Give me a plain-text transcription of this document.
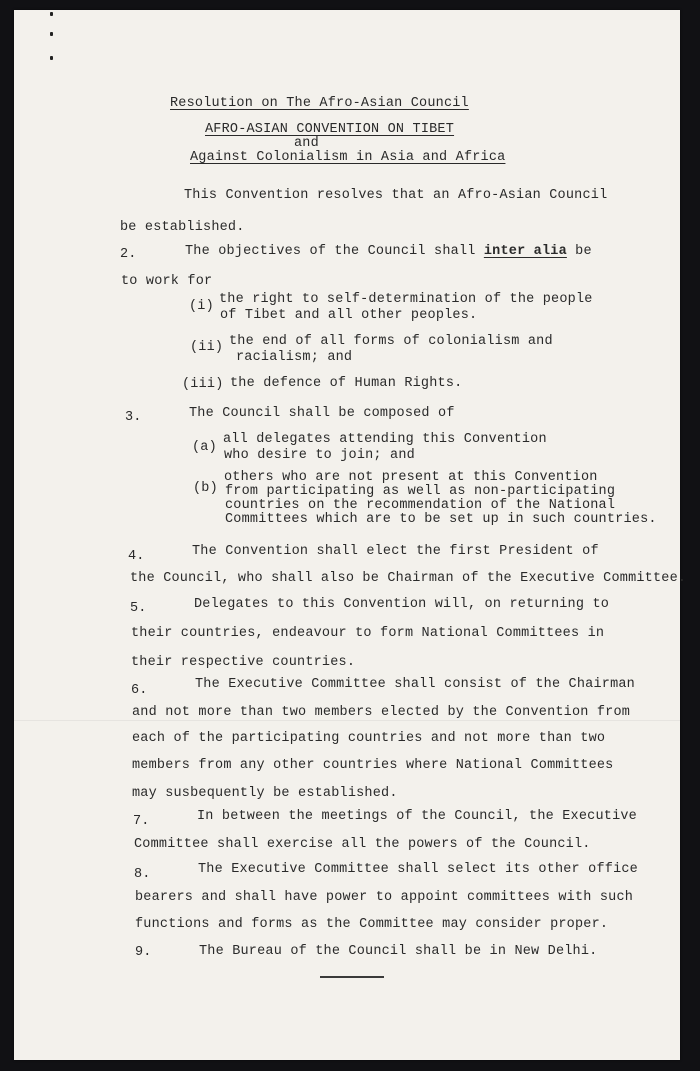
Resolution on The Afro-Asian Council
AFRO-ASIAN CONVENTION ON TIBET
and
Against Colonialism in Asia and Africa
This Convention resolves that an Afro-Asian Council
be established.
2.	The objectives of the Council shall inter alia be
to work for
(i) the right to self-determination of the people
of Tibet and all other peoples.
(ii) the end of all forms of colonialism and
racialism; and
(iii) the defence of Human Rights.
3.	The Council shall be composed of
(a)
all delegates attending this Convention
who desire to join; and
(b)
others who are not present at this Convention
from participating as well as non-participating
countries on the recommendation of the National
Committees which are to be set up in such countries.
4.	The Convention shall elect the first President of
the Council, who shall also be Chairman of the Executive Committee.
5.	Delegates to this Convention will, on returning to
their countries, endeavour to form National Committees in
their respective countries.
6.	The Executive Committee shall consist of the Chairman
and not more than two members elected by the Convention from
each of the participating countries and not more than two
members from any other countries where National Committees
may susbequently be established.
7.	In between the meetings of the Council, the Executive
Committee shall exercise all the powers of the Council.
8.	The Executive Committee shall select its other office
bearers and shall have power to appoint committees with such
functions and forms as the Committee may consider proper.
9.	The Bureau of the Council shall be in New Delhi.
